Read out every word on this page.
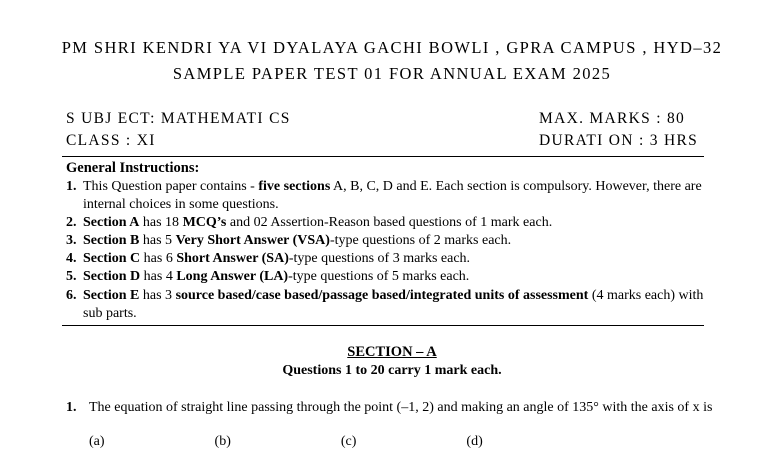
PM SHRI KENDRI YA VI DYALAYA GACHI BOWLI , GPRA CAMPUS , HYD–32
SAMPLE PAPER TEST 01 FOR ANNUAL EXAM 2025
S UBJ ECT: MATHEMATI CS
CLASS : XI
MAX. MARKS : 80
DURATI ON : 3 HRS
General Instructions:
1. This Question paper contains - five sections A, B, C, D and E. Each section is compulsory. However, there are internal choices in some questions.
2. Section A has 18 MCQ’s and 02 Assertion-Reason based questions of 1 mark each.
3. Section B has 5 Very Short Answer (VSA)-type questions of 2 marks each.
4. Section C has 6 Short Answer (SA)-type questions of 3 marks each.
5. Section D has 4 Long Answer (LA)-type questions of 5 marks each.
6. Section E has 3 source based/case based/passage based/integrated units of assessment (4 marks each) with sub parts.
SECTION – A
Questions 1 to 20 carry 1 mark each.
1. The equation of straight line passing through the point (–1, 2) and making an angle of 135° with the axis of x is
(a)	(b)	(c)	(d)
